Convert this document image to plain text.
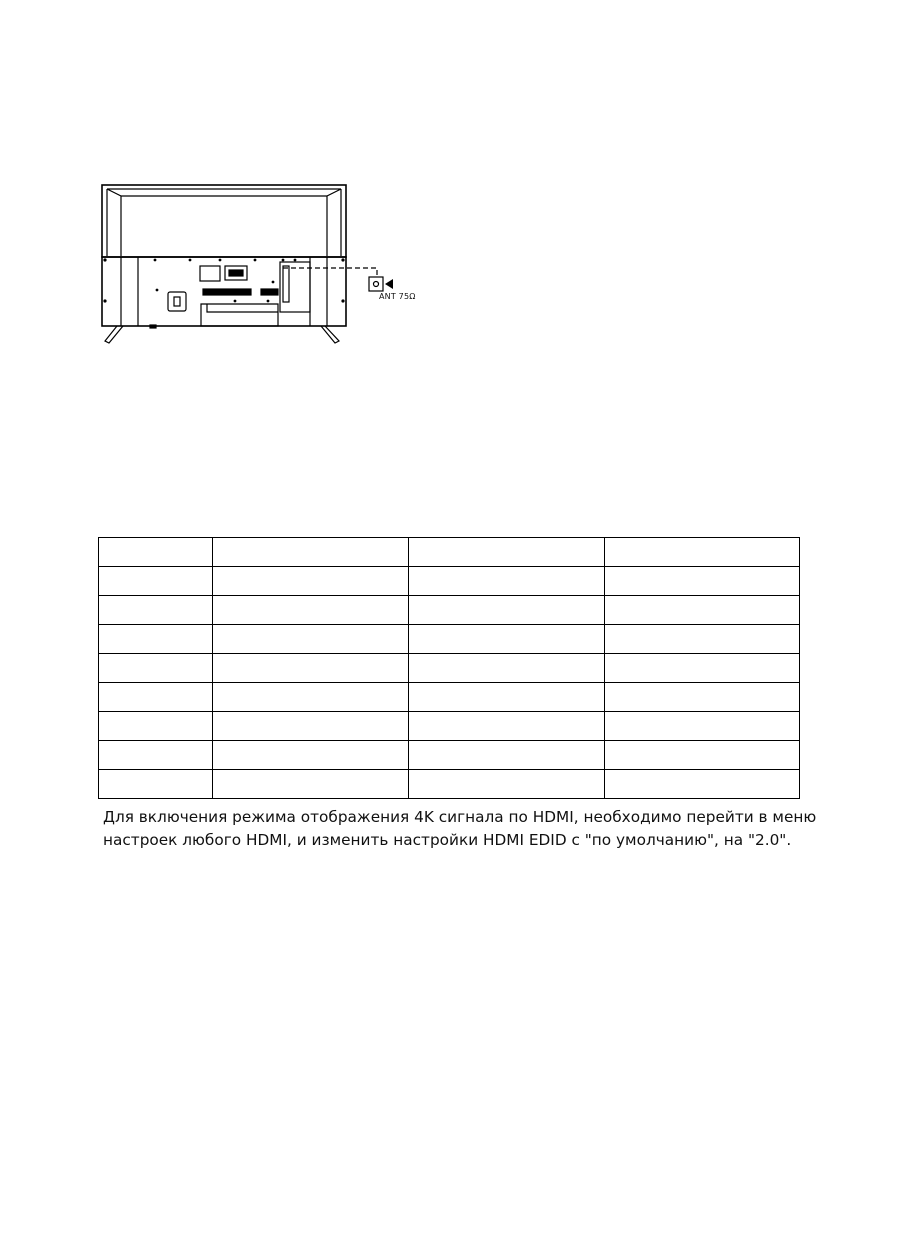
ANT 75Ω

Для включения режима отображения 4K сигнала по HDMI, необходимо перейти в меню

настроек любого HDMI, и изменить настройки HDMI EDID с "по умолчанию", на "2.0".
